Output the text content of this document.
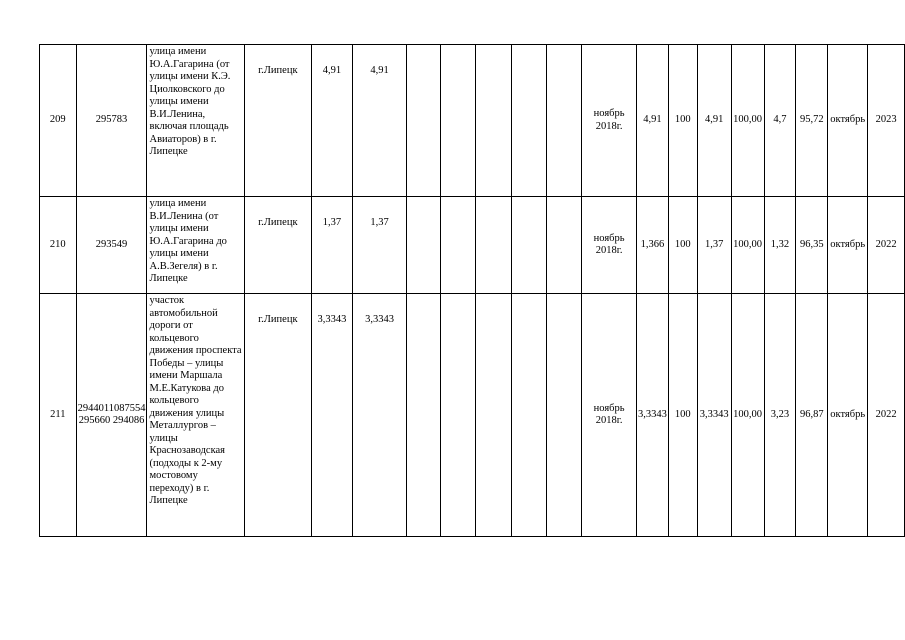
209	295783	улица имени Ю.А.Гагарина (от улицы имени К.Э. Циолковского до улицы имени В.И.Ленина, включая площадь Авиаторов) в г. Липецке	г.Липецк	4,91	4,91						ноябрь 2018г.	4,91	100	4,91	100,00	4,7	95,72	октябрь	2023
210	293549	улица имени В.И.Ленина (от улицы имени Ю.А.Гагарина до улицы имени А.В.Зегеля) в г. Липецке	г.Липецк	1,37	1,37						ноябрь 2018г.	1,366	100	1,37	100,00	1,32	96,35	октябрь	2022
211	2944011087554 295660 294086	участок автомобильной дороги от кольцевого движения проспекта Победы – улицы имени Маршала М.Е.Катукова до кольцевого движения улицы Металлургов – улицы Краснозаводская (подходы к 2-му мостовому переходу) в г. Липецке	г.Липецк	3,3343	3,3343						ноябрь 2018г.	3,3343	100	3,3343	100,00	3,23	96,87	октябрь	2022
